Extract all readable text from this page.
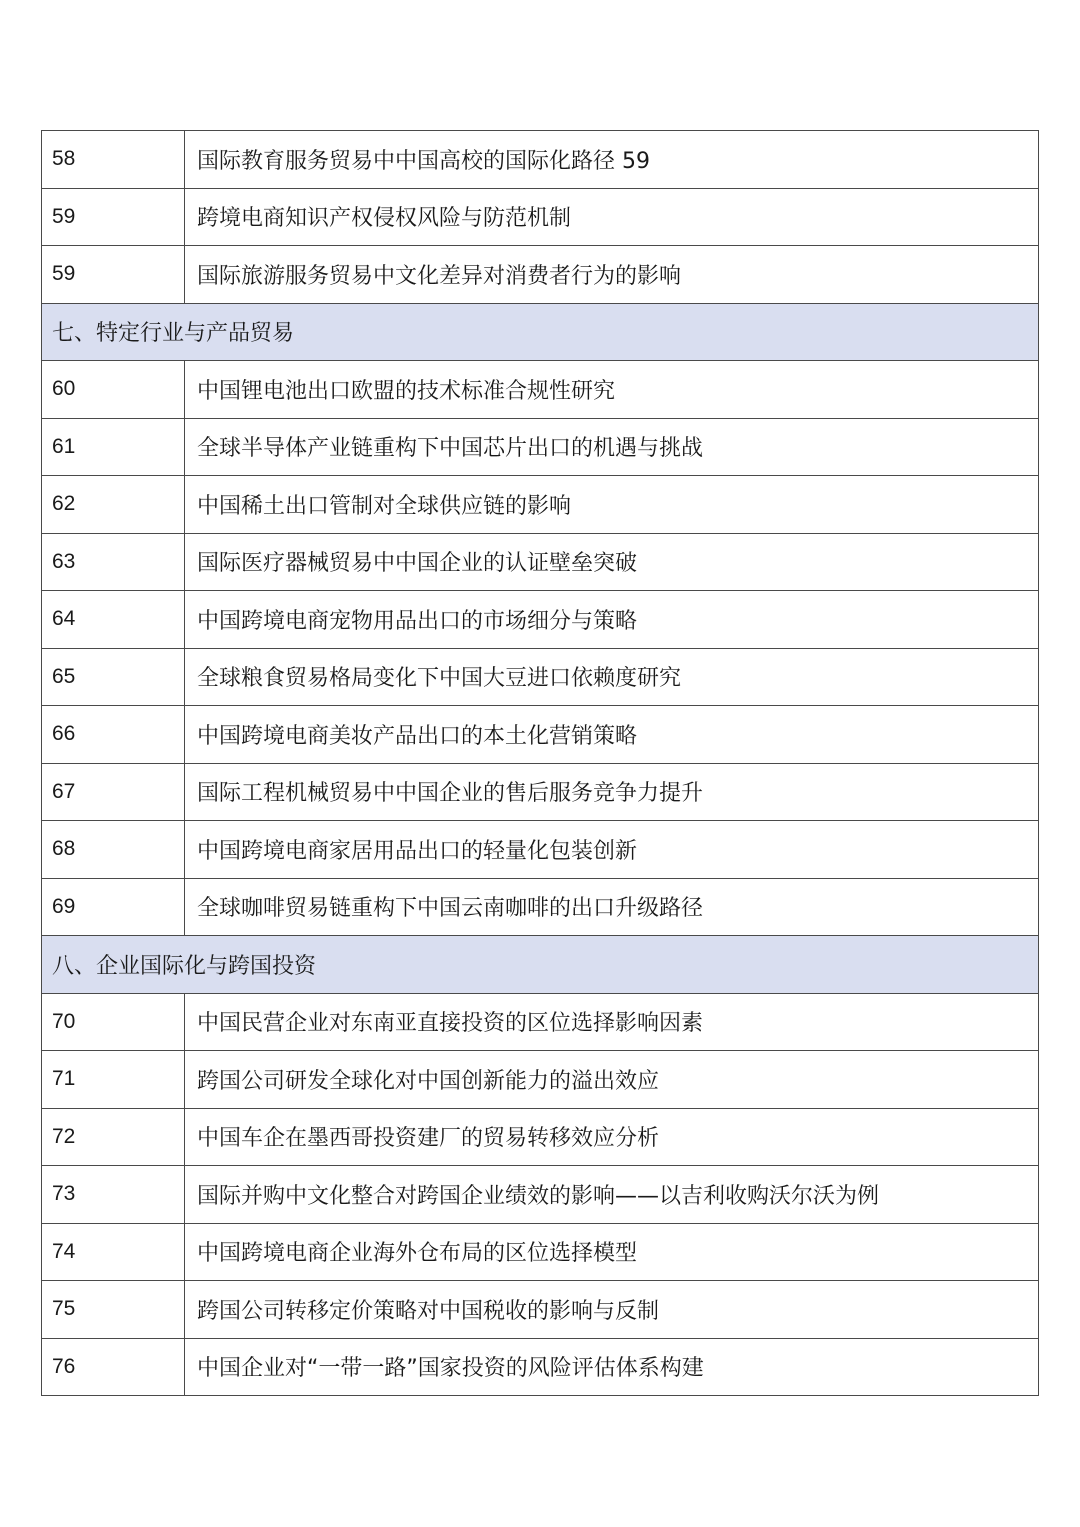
58	国际教育服务贸易中中国高校的国际化路径 59
59	跨境电商知识产权侵权风险与防范机制
59	国际旅游服务贸易中文化差异对消费者行为的影响
七、特定行业与产品贸易	
60	中国锂电池出口欧盟的技术标准合规性研究
61	全球半导体产业链重构下中国芯片出口的机遇与挑战
62	中国稀土出口管制对全球供应链的影响
63	国际医疗器械贸易中中国企业的认证壁垒突破
64	中国跨境电商宠物用品出口的市场细分与策略
65	全球粮食贸易格局变化下中国大豆进口依赖度研究
66	中国跨境电商美妆产品出口的本土化营销策略
67	国际工程机械贸易中中国企业的售后服务竞争力提升
68	中国跨境电商家居用品出口的轻量化包装创新
69	全球咖啡贸易链重构下中国云南咖啡的出口升级路径
八、企业国际化与跨国投资	
70	中国民营企业对东南亚直接投资的区位选择影响因素
71	跨国公司研发全球化对中国创新能力的溢出效应
72	中国车企在墨西哥投资建厂的贸易转移效应分析
73	国际并购中文化整合对跨国企业绩效的影响——以吉利收购沃尔沃为例
74	中国跨境电商企业海外仓布局的区位选择模型
75	跨国公司转移定价策略对中国税收的影响与反制
76	中国企业对“一带一路”国家投资的风险评估体系构建
